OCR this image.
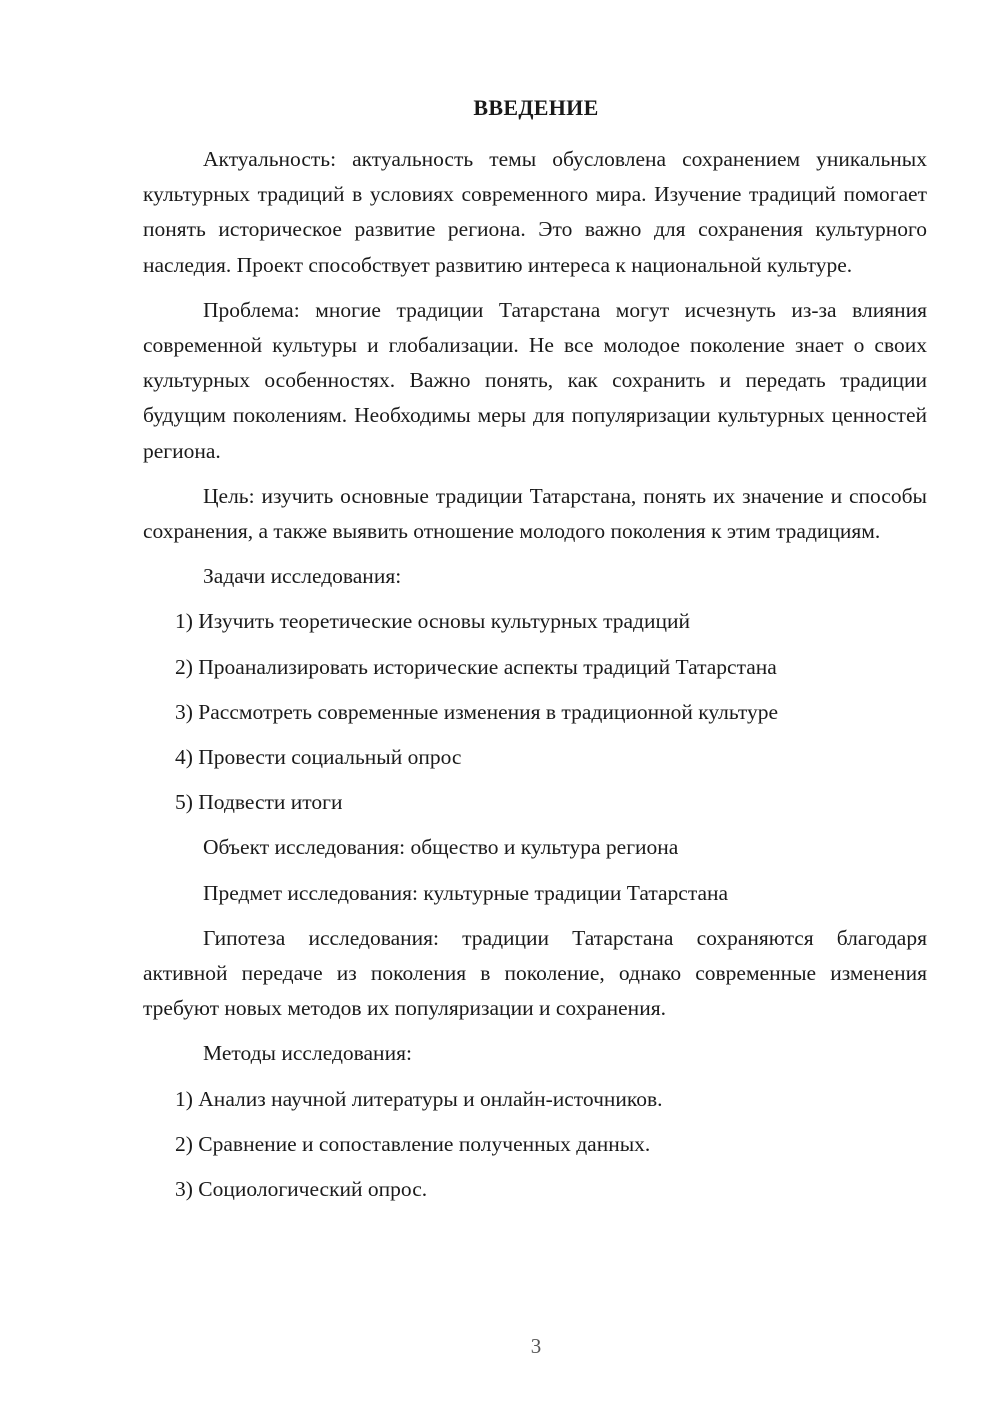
ВВЕДЕНИЕ

Актуальность: актуальность темы обусловлена сохранением уникальных культурных традиций в условиях современного мира. Изучение традиций помогает понять историческое развитие региона. Это важно для сохранения культурного наследия. Проект способствует развитию интереса к национальной культуре.

Проблема: многие традиции Татарстана могут исчезнуть из-за влияния современной культуры и глобализации. Не все молодое поколение знает о своих культурных особенностях. Важно понять, как сохранить и передать традиции будущим поколениям. Необходимы меры для популяризации культурных ценностей региона.

Цель: изучить основные традиции Татарстана, понять их значение и способы сохранения, а также выявить отношение молодого поколения к этим традициям.

Задачи исследования:
1) Изучить теоретические основы культурных традиций
2) Проанализировать исторические аспекты традиций Татарстана
3) Рассмотреть современные изменения в традиционной культуре
4) Провести социальный опрос
5) Подвести итоги
Объект исследования: общество и культура региона
Предмет исследования: культурные традиции Татарстана

Гипотеза исследования: традиции Татарстана сохраняются благодаря активной передаче из поколения в поколение, однако современные изменения требуют новых методов их популяризации и сохранения.

Методы исследования:
1) Анализ научной литературы и онлайн-источников.
2) Сравнение и сопоставление полученных данных.
3) Социологический опрос.
3
